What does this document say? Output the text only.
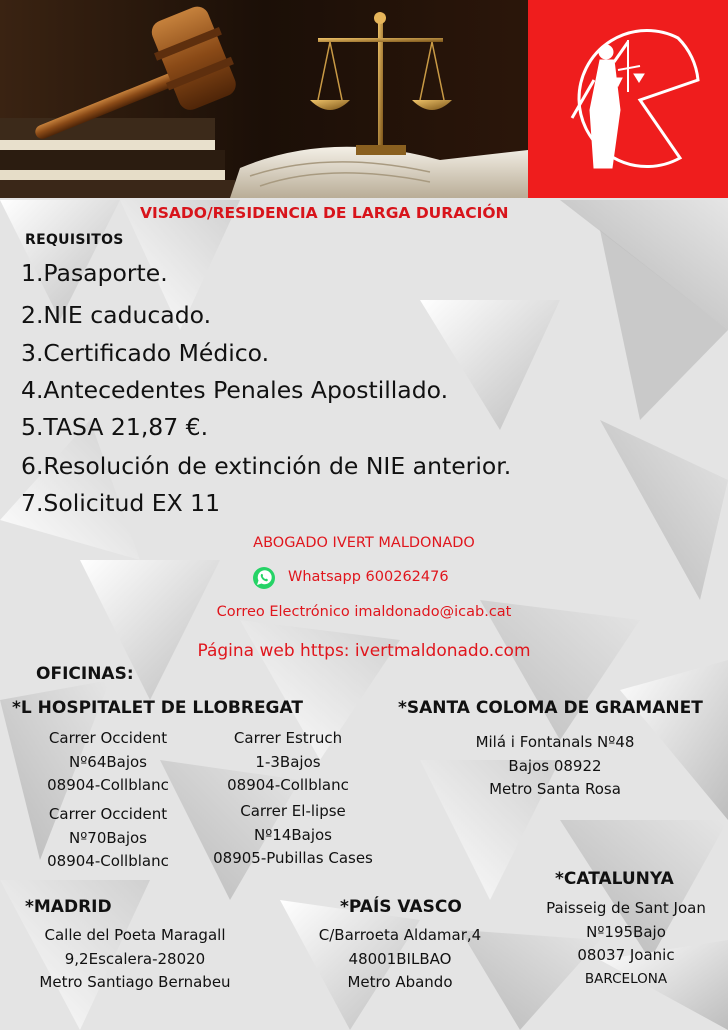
VISADO/RESIDENCIA DE LARGA DURACIÓN
REQUISITOS
1.Pasaporte.
2.NIE caducado.
3.Certificado Médico.
4.Antecedentes Penales Apostillado.
5.TASA 21,87 €.
6.Resolución de extinción de NIE anterior.
7.Solicitud EX 11
ABOGADO IVERT MALDONADO
Whatsapp 600262476
Correo Electrónico imaldonado@icab.cat
Página web https: ivertmaldonado.com
OFICINAS:
*L HOSPITALET DE LLOBREGAT	*SANTA COLOMA DE GRAMANET
Carrer Occident
Nº64Bajos
08904-Collblanc
Carrer Estruch
1-3Bajos
08904-Collblanc
Carrer Occident
Nº70Bajos
08904-Collblanc
Carrer El-lipse
Nº14Bajos
08905-Pubillas Cases
Milá i Fontanals Nº48
Bajos 08922
Metro Santa Rosa
*CATALUNYA
Paisseig de Sant Joan
Nº195Bajo
08037 Joanic
BARCELONA
*MADRID
Calle del Poeta Maragall
9,2Escalera-28020
Metro Santiago Bernabeu
*PAÍS VASCO
C/Barroeta Aldamar,4
48001BILBAO
Metro Abando
